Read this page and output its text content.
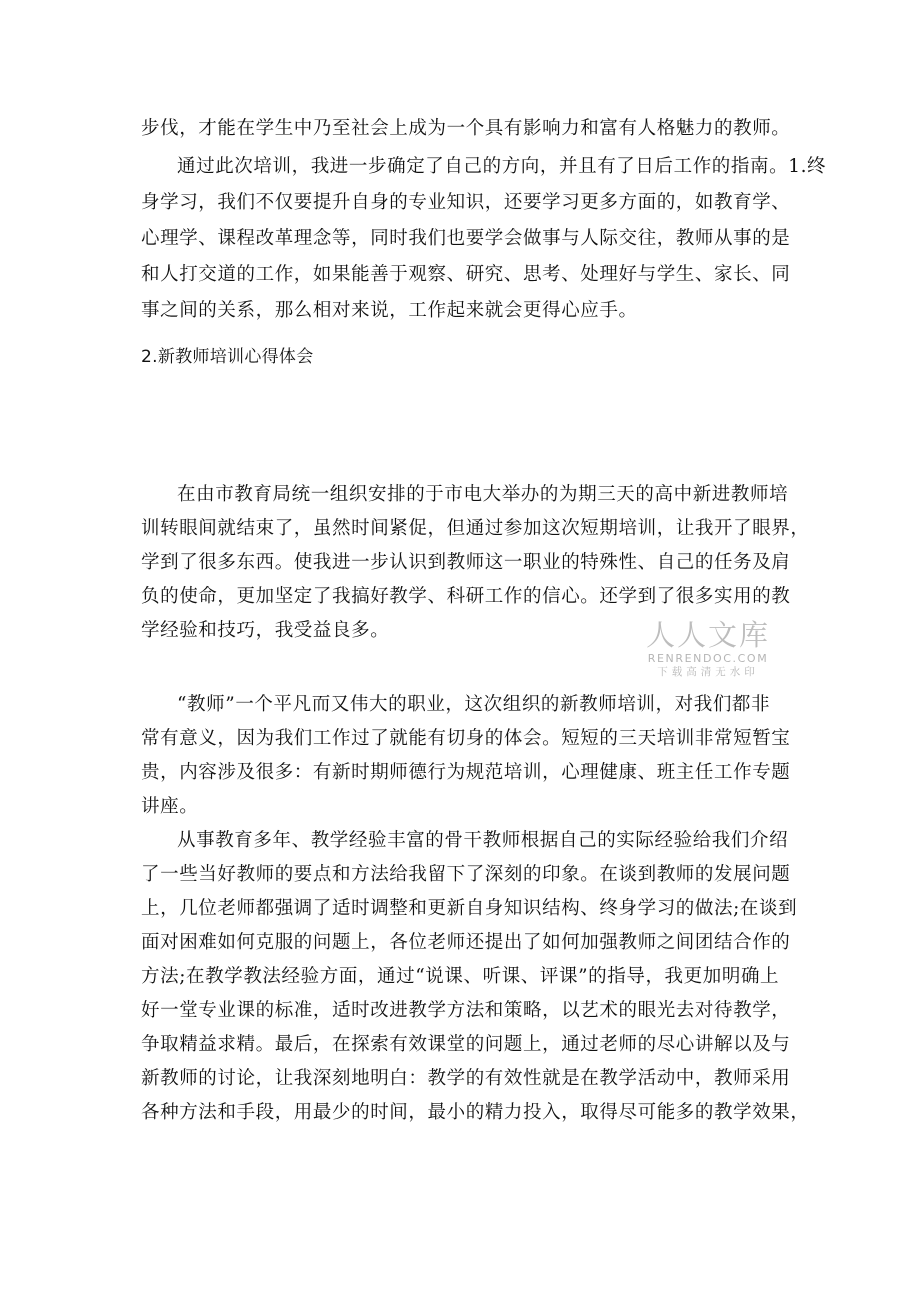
步伐，才能在学生中乃至社会上成为一个具有影响力和富有人格魅力的教师。

通过此次培训，我进一步确定了自己的方向，并且有了日后工作的指南。1.终

身学习，我们不仅要提升自身的专业知识，还要学习更多方面的，如教育学、

心理学、课程改革理念等，同时我们也要学会做事与人际交往，教师从事的是

和人打交道的工作，如果能善于观察、研究、思考、处理好与学生、家长、同

事之间的关系，那么相对来说，工作起来就会更得心应手。

2.新教师培训心得体会

在由市教育局统一组织安排的于市电大举办的为期三天的高中新进教师培

训转眼间就结束了，虽然时间紧促，但通过参加这次短期培训，让我开了眼界，

学到了很多东西。使我进一步认识到教师这一职业的特殊性、自己的任务及肩

负的使命，更加坚定了我搞好教学、科研工作的信心。还学到了很多实用的教

学经验和技巧，我受益良多。

“教师”一个平凡而又伟大的职业，这次组织的新教师培训，对我们都非

常有意义，因为我们工作过了就能有切身的体会。短短的三天培训非常短暂宝

贵，内容涉及很多：有新时期师德行为规范培训，心理健康、班主任工作专题

讲座。

从事教育多年、教学经验丰富的骨干教师根据自己的实际经验给我们介绍

了一些当好教师的要点和方法给我留下了深刻的印象。在谈到教师的发展问题

上，几位老师都强调了适时调整和更新自身知识结构、终身学习的做法;在谈到

面对困难如何克服的问题上，各位老师还提出了如何加强教师之间团结合作的

方法;在教学教法经验方面，通过“说课、听课、评课”的指导，我更加明确上

好一堂专业课的标准，适时改进教学方法和策略，以艺术的眼光去对待教学，

争取精益求精。最后，在探索有效课堂的问题上，通过老师的尽心讲解以及与

新教师的讨论，让我深刻地明白：教学的有效性就是在教学活动中，教师采用

各种方法和手段，用最少的时间，最小的精力投入，取得尽可能多的教学效果，

人人文库
RENRENDOC.COM
下载高清无水印
